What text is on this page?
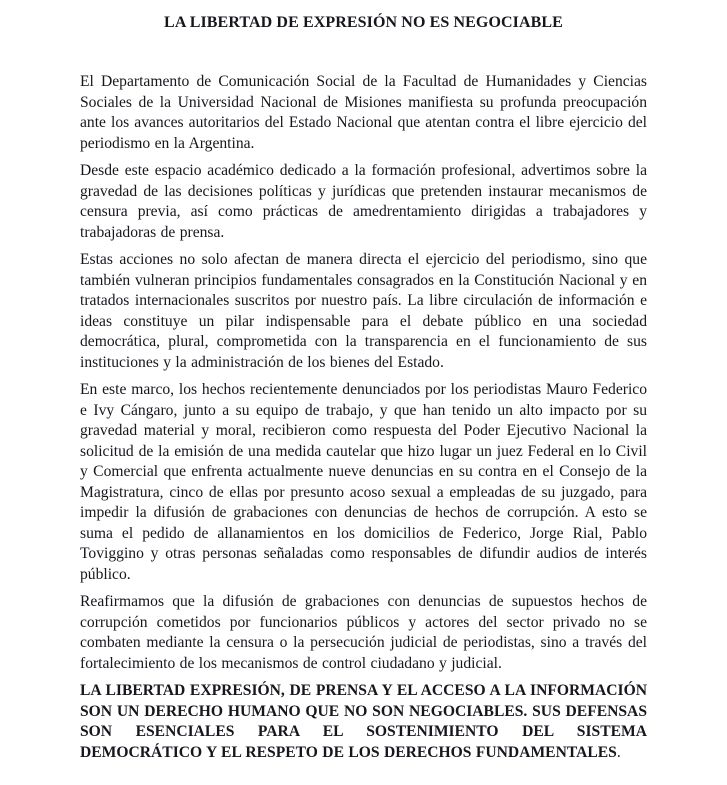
LA LIBERTAD DE EXPRESIÓN NO ES NEGOCIABLE

El Departamento de Comunicación Social de la Facultad de Humanidades y Ciencias Sociales de la Universidad Nacional de Misiones manifiesta su profunda preocupación ante los avances autoritarios del Estado Nacional que atentan contra el libre ejercicio del periodismo en la Argentina.

Desde este espacio académico dedicado a la formación profesional, advertimos sobre la gravedad de las decisiones políticas y jurídicas que pretenden instaurar mecanismos de censura previa, así como prácticas de amedrentamiento dirigidas a trabajadores y trabajadoras de prensa.

Estas acciones no solo afectan de manera directa el ejercicio del periodismo, sino que también vulneran principios fundamentales consagrados en la Constitución Nacional y en tratados internacionales suscritos por nuestro país. La libre circulación de información e ideas constituye un pilar indispensable para el debate público en una sociedad democrática, plural, comprometida con la transparencia en el funcionamiento de sus instituciones y la administración de los bienes del Estado.

En este marco, los hechos recientemente denunciados por los periodistas Mauro Federico e Ivy Cángaro, junto a su equipo de trabajo, y que han tenido un alto impacto por su gravedad material y moral, recibieron como respuesta del Poder Ejecutivo Nacional la solicitud de la emisión de una medida cautelar que hizo lugar un juez Federal en lo Civil y Comercial que enfrenta actualmente nueve denuncias en su contra en el Consejo de la Magistratura, cinco de ellas por presunto acoso sexual a empleadas de su juzgado, para impedir la difusión de grabaciones con denuncias de hechos de corrupción. A esto se suma el pedido de allanamientos en los domicilios de Federico, Jorge Rial, Pablo Toviggino y otras personas señaladas como responsables de difundir audios de interés público.

Reafirmamos que la difusión de grabaciones con denuncias de supuestos hechos de corrupción cometidos por funcionarios públicos y actores del sector privado no se combaten mediante la censura o la persecución judicial de periodistas, sino a través del fortalecimiento de los mecanismos de control ciudadano y judicial.

LA LIBERTAD EXPRESIÓN, DE PRENSA Y EL ACCESO A LA INFORMACIÓN SON UN DERECHO HUMANO QUE NO SON NEGOCIABLES. SUS DEFENSAS SON ESENCIALES PARA EL SOSTENIMIENTO DEL SISTEMA DEMOCRÁTICO Y EL RESPETO DE LOS DERECHOS FUNDAMENTALES.
